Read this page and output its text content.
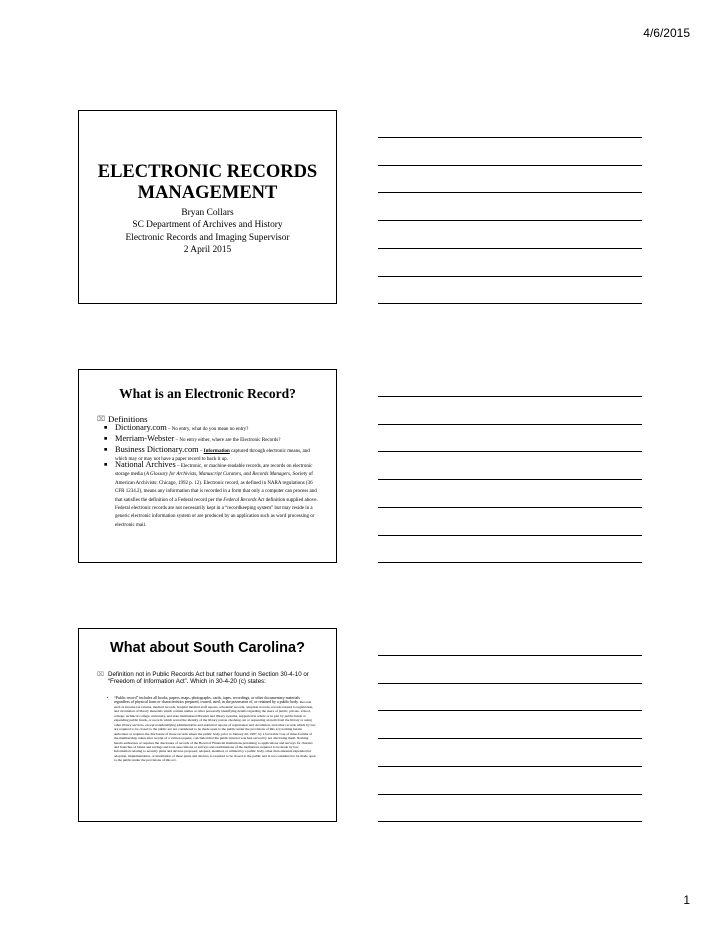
4/6/2015
ELECTRONIC RECORDS
MANAGEMENT
Bryan Collars
SC Department of Archives and History
Electronic Records and Imaging Supervisor
2 April 2015
What is an Electronic Record?
⌧ Definitions
■ Dictionary.com – No entry, what do you mean no entry?
■ Merriam-Webster – No entry either, where are the Electronic Records?
■ Business Dictionary.com – Information captured through electronic means, and which may or may not have a paper record to back it up.
■ National Archives – Electronic, or machine-readable records, are records on electronic storage media (A Glossary for Archivists, Manuscript Curators, and Records Managers, Society of American Archivists: Chicago, 1992 p. 12). Electronic record, as defined in NARA regulations (36 CFR 1234.2), means any information that is recorded in a form that only a computer can process and that satisfies the definition of a Federal record per the Federal Records Act definition supplied above. Federal electronic records are not necessarily kept in a “recordkeeping system” but may reside in a generic electronic information system or are produced by an application such as word processing or electronic mail.
What about South Carolina?
⌧ Definition not in Public Records Act but rather found in Section 30-4-10 or “Freedom of Information Act”. Which in 30-4-20 (c) states:
• “Public record” includes all books, papers, maps, photographs, cards, tapes, recordings, or other documentary materials regardless of physical form or characteristics prepared, owned, used, in the possession of, or retained by a public body. Records such as income tax returns, medical records, hospital medical staff reports, scholastic records, adoption records, records related to registration, and circulation of library materials which contain names or other personally identifying details regarding the users of public, private, school, college, technical college, university, and state institutional libraries and library systems, supported in whole or in part by public funds or expending public funds, or records which reveal the identity of the library patron checking out or requesting an item from the library or using other library services, except nonidentifying administrative and statistical reports of registration and circulation, and other records which by law are required to be closed to the public are not considered to be made open to the public under the provisions of this act; nothing herein authorizes or requires the disclosure of those records where the public body, prior to January 20, 1987, by a favorable vote of three-fourths of the membership, taken after receipt of a written request, concluded that the public interest was best served by not disclosing them. Nothing herein authorizes or requires the disclosure of records of the Board of Financial Institutions pertaining to applications and surveys for charters and branches of banks and savings and loan associations or surveys and examinations of the institutions required to be made by law. Information relating to security plans and devices proposed, adopted, installed, or utilized by a public body, other than amounts expended for adoption, implementation, or installation of these plans and devices, is required to be closed to the public and is not considered to be made open to the public under the provisions of this act.
1
